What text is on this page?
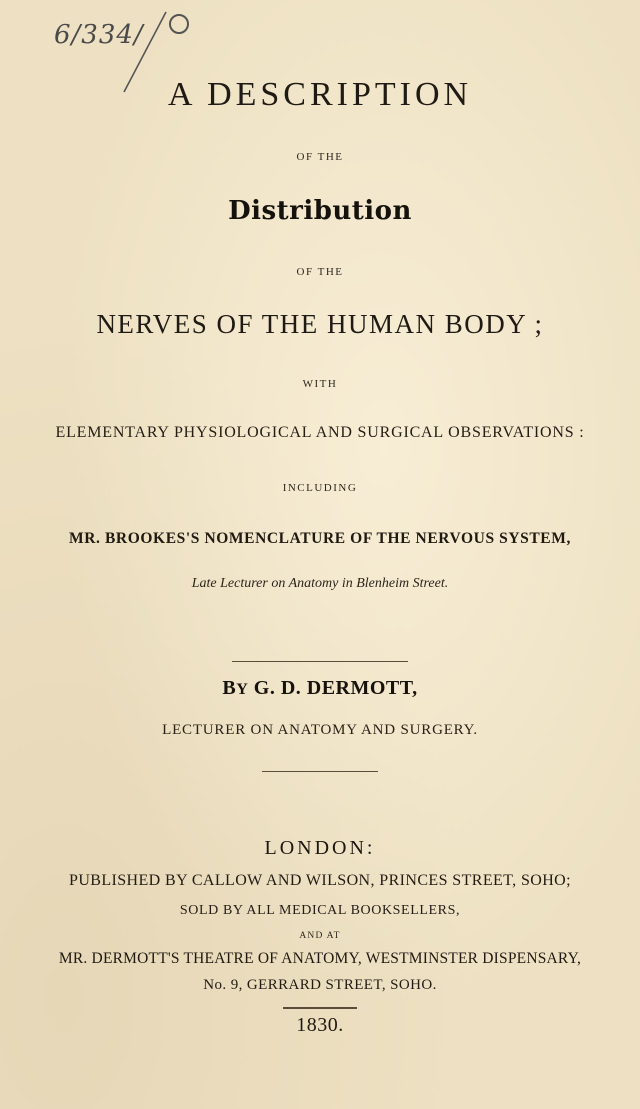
6/334/
A DESCRIPTION
OF THE
Distribution
OF THE
NERVES OF THE HUMAN BODY ;
WITH
ELEMENTARY PHYSIOLOGICAL AND SURGICAL OBSERVATIONS :
INCLUDING
MR. BROOKES'S NOMENCLATURE OF THE NERVOUS SYSTEM,
Late Lecturer on Anatomy in Blenheim Street.
BY G. D. DERMOTT,
LECTURER ON ANATOMY AND SURGERY.
LONDON:
PUBLISHED BY CALLOW AND WILSON, PRINCES STREET, SOHO;
SOLD BY ALL MEDICAL BOOKSELLERS,
AND AT
MR. DERMOTT'S THEATRE OF ANATOMY, WESTMINSTER DISPENSARY,
No. 9, GERRARD STREET, SOHO.
1830.
